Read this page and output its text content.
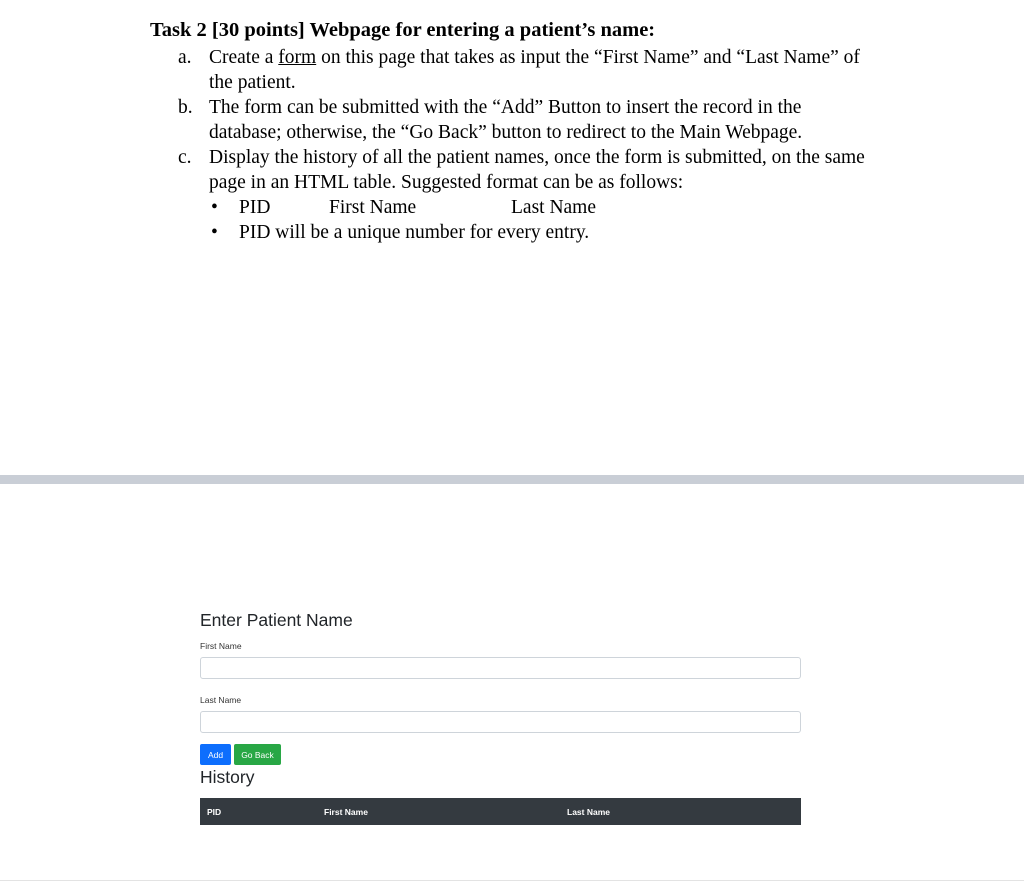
Task 2 [30 points] Webpage for entering a patient’s name:
a. Create a form on this page that takes as input the “First Name” and “Last Name” of the patient.
b. The form can be submitted with the “Add” Button to insert the record in the database; otherwise, the “Go Back” button to redirect to the Main Webpage.
c. Display the history of all the patient names, once the form is submitted, on the same page in an HTML table. Suggested format can be as follows:
• PID	First Name	Last Name
• PID will be a unique number for every entry.
Enter Patient Name
First Name
Last Name
Add	Go Back
History
PID	First Name	Last Name
